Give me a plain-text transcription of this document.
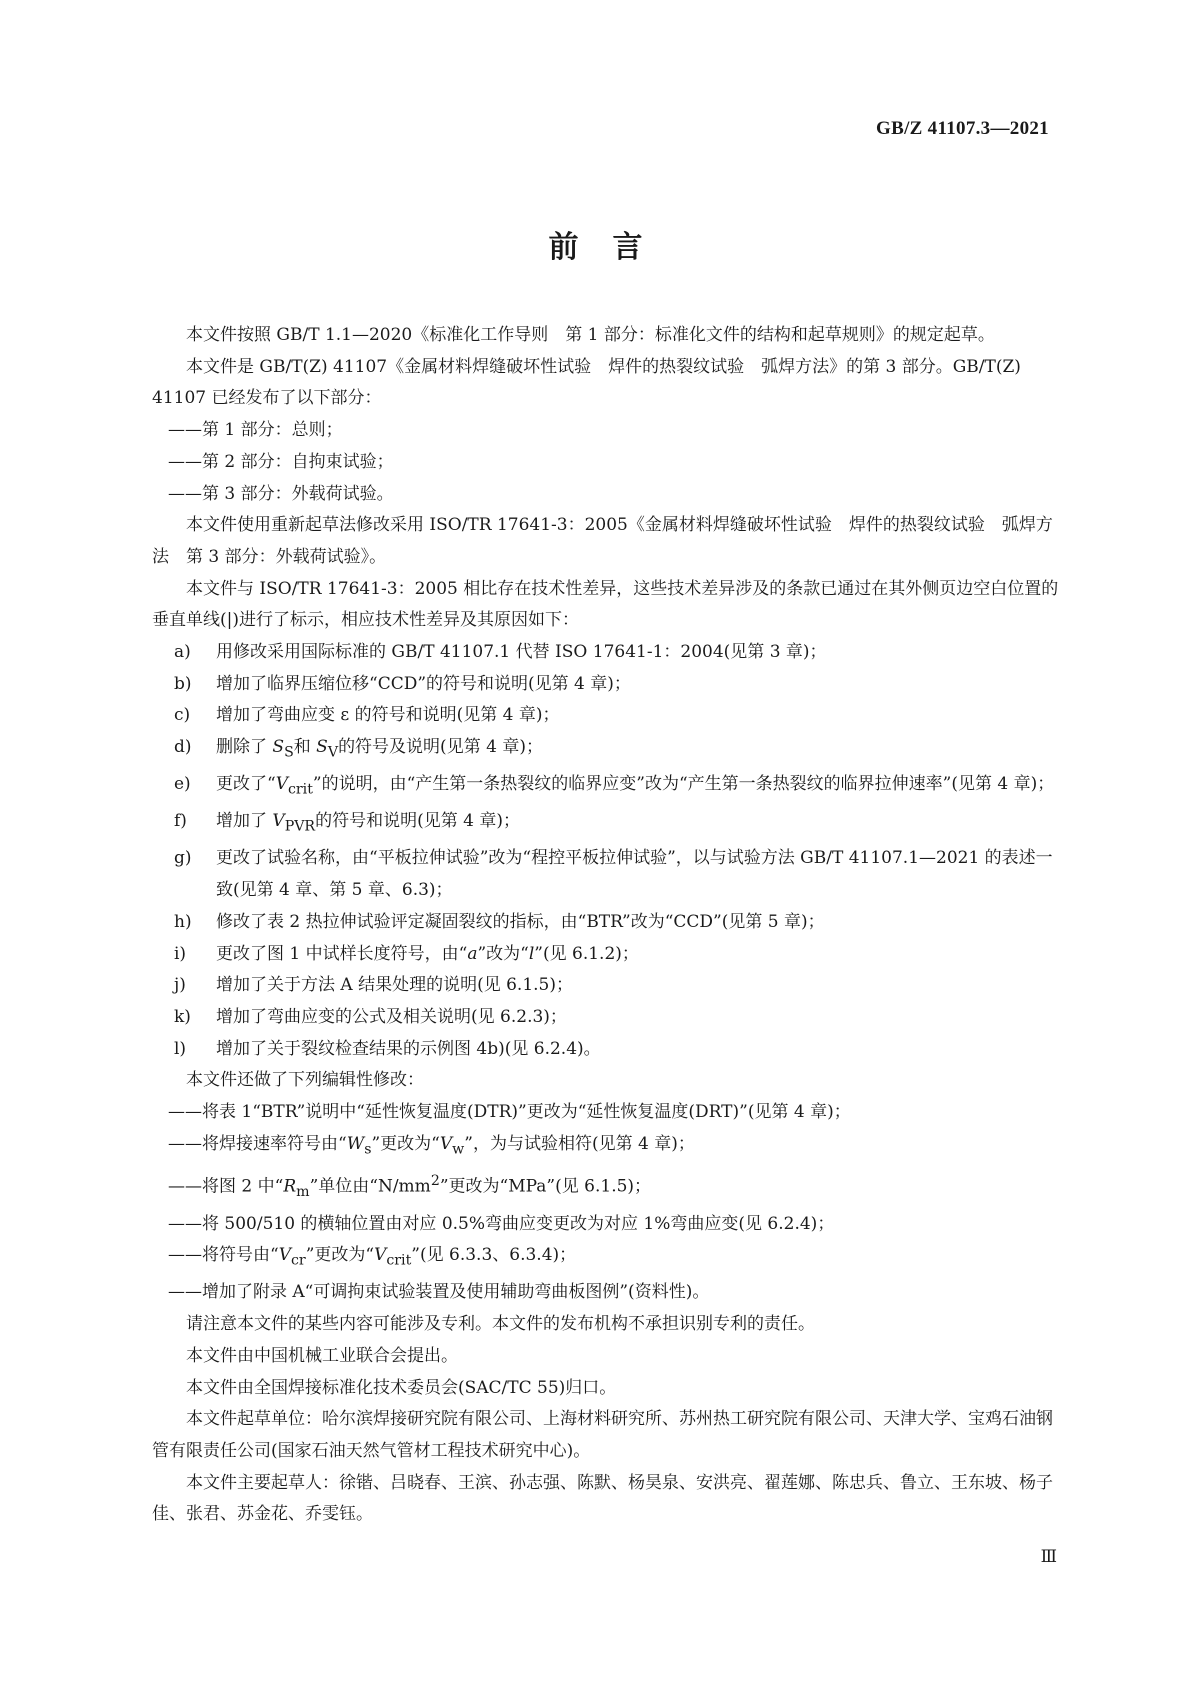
GB/Z 41107.3—2021
前言

本文件按照 GB/T 1.1—2020《标准化工作导则　第 1 部分：标准化文件的结构和起草规则》的规定起草。

本文件是 GB/T(Z) 41107《金属材料焊缝破坏性试验　焊件的热裂纹试验　弧焊方法》的第 3 部分。GB/T(Z) 41107 已经发布了以下部分：

——第 1 部分：总则；

——第 2 部分：自拘束试验；

——第 3 部分：外载荷试验。

本文件使用重新起草法修改采用 ISO/TR 17641-3：2005《金属材料焊缝破坏性试验　焊件的热裂纹试验　弧焊方法　第 3 部分：外载荷试验》。

本文件与 ISO/TR 17641-3：2005 相比存在技术性差异，这些技术差异涉及的条款已通过在其外侧页边空白位置的垂直单线(|)进行了标示，相应技术性差异及其原因如下：

a) 用修改采用国际标准的 GB/T 41107.1 代替 ISO 17641-1：2004(见第 3 章)；
b) 增加了临界压缩位移“CCD”的符号和说明(见第 4 章)；
c) 增加了弯曲应变 ε 的符号和说明(见第 4 章)；
d) 删除了 $S_S$和 $S_V$的符号及说明(见第 4 章)；
e) 更改了“$V_{crit}$”的说明，由“产生第一条热裂纹的临界应变”改为“产生第一条热裂纹的临界拉伸速率”(见第 4 章)；
f) 增加了 $V_{PVR}$的符号和说明(见第 4 章)；
g) 更改了试验名称，由“平板拉伸试验”改为“程控平板拉伸试验”，以与试验方法 GB/T 41107.1—2021 的表述一致(见第 4 章、第 5 章、6.3)；
h) 修改了表 2 热拉伸试验评定凝固裂纹的指标，由“BTR”改为“CCD”(见第 5 章)；
i) 更改了图 1 中试样长度符号，由“a”改为“l”(见 6.1.2)；
j) 增加了关于方法 A 结果处理的说明(见 6.1.5)；
k) 增加了弯曲应变的公式及相关说明(见 6.2.3)；
l) 增加了关于裂纹检查结果的示例图 4b)(见 6.2.4)。

本文件还做了下列编辑性修改：

——将表 1“BTR”说明中“延性恢复温度(DTR)”更改为“延性恢复温度(DRT)”(见第 4 章)；

——将焊接速率符号由“$W_s$”更改为“$V_w$”，为与试验相符(见第 4 章)；

——将图 2 中“$R_m$”单位由“$N/mm^2$”更改为“MPa”(见 6.1.5)；

——将 500/510 的横轴位置由对应 0.5%弯曲应变更改为对应 1%弯曲应变(见 6.2.4)；

——将符号由“$V_{cr}$”更改为“$V_{crit}$”(见 6.3.3、6.3.4)；

——增加了附录 A“可调拘束试验装置及使用辅助弯曲板图例”(资料性)。

请注意本文件的某些内容可能涉及专利。本文件的发布机构不承担识别专利的责任。

本文件由中国机械工业联合会提出。

本文件由全国焊接标准化技术委员会(SAC/TC 55)归口。

本文件起草单位：哈尔滨焊接研究院有限公司、上海材料研究所、苏州热工研究院有限公司、天津大学、宝鸡石油钢管有限责任公司(国家石油天然气管材工程技术研究中心)。

本文件主要起草人：徐锴、吕晓春、王滨、孙志强、陈默、杨昊泉、安洪亮、翟莲娜、陈忠兵、鲁立、王东坡、杨子佳、张君、苏金花、乔雯钰。

Ⅲ
